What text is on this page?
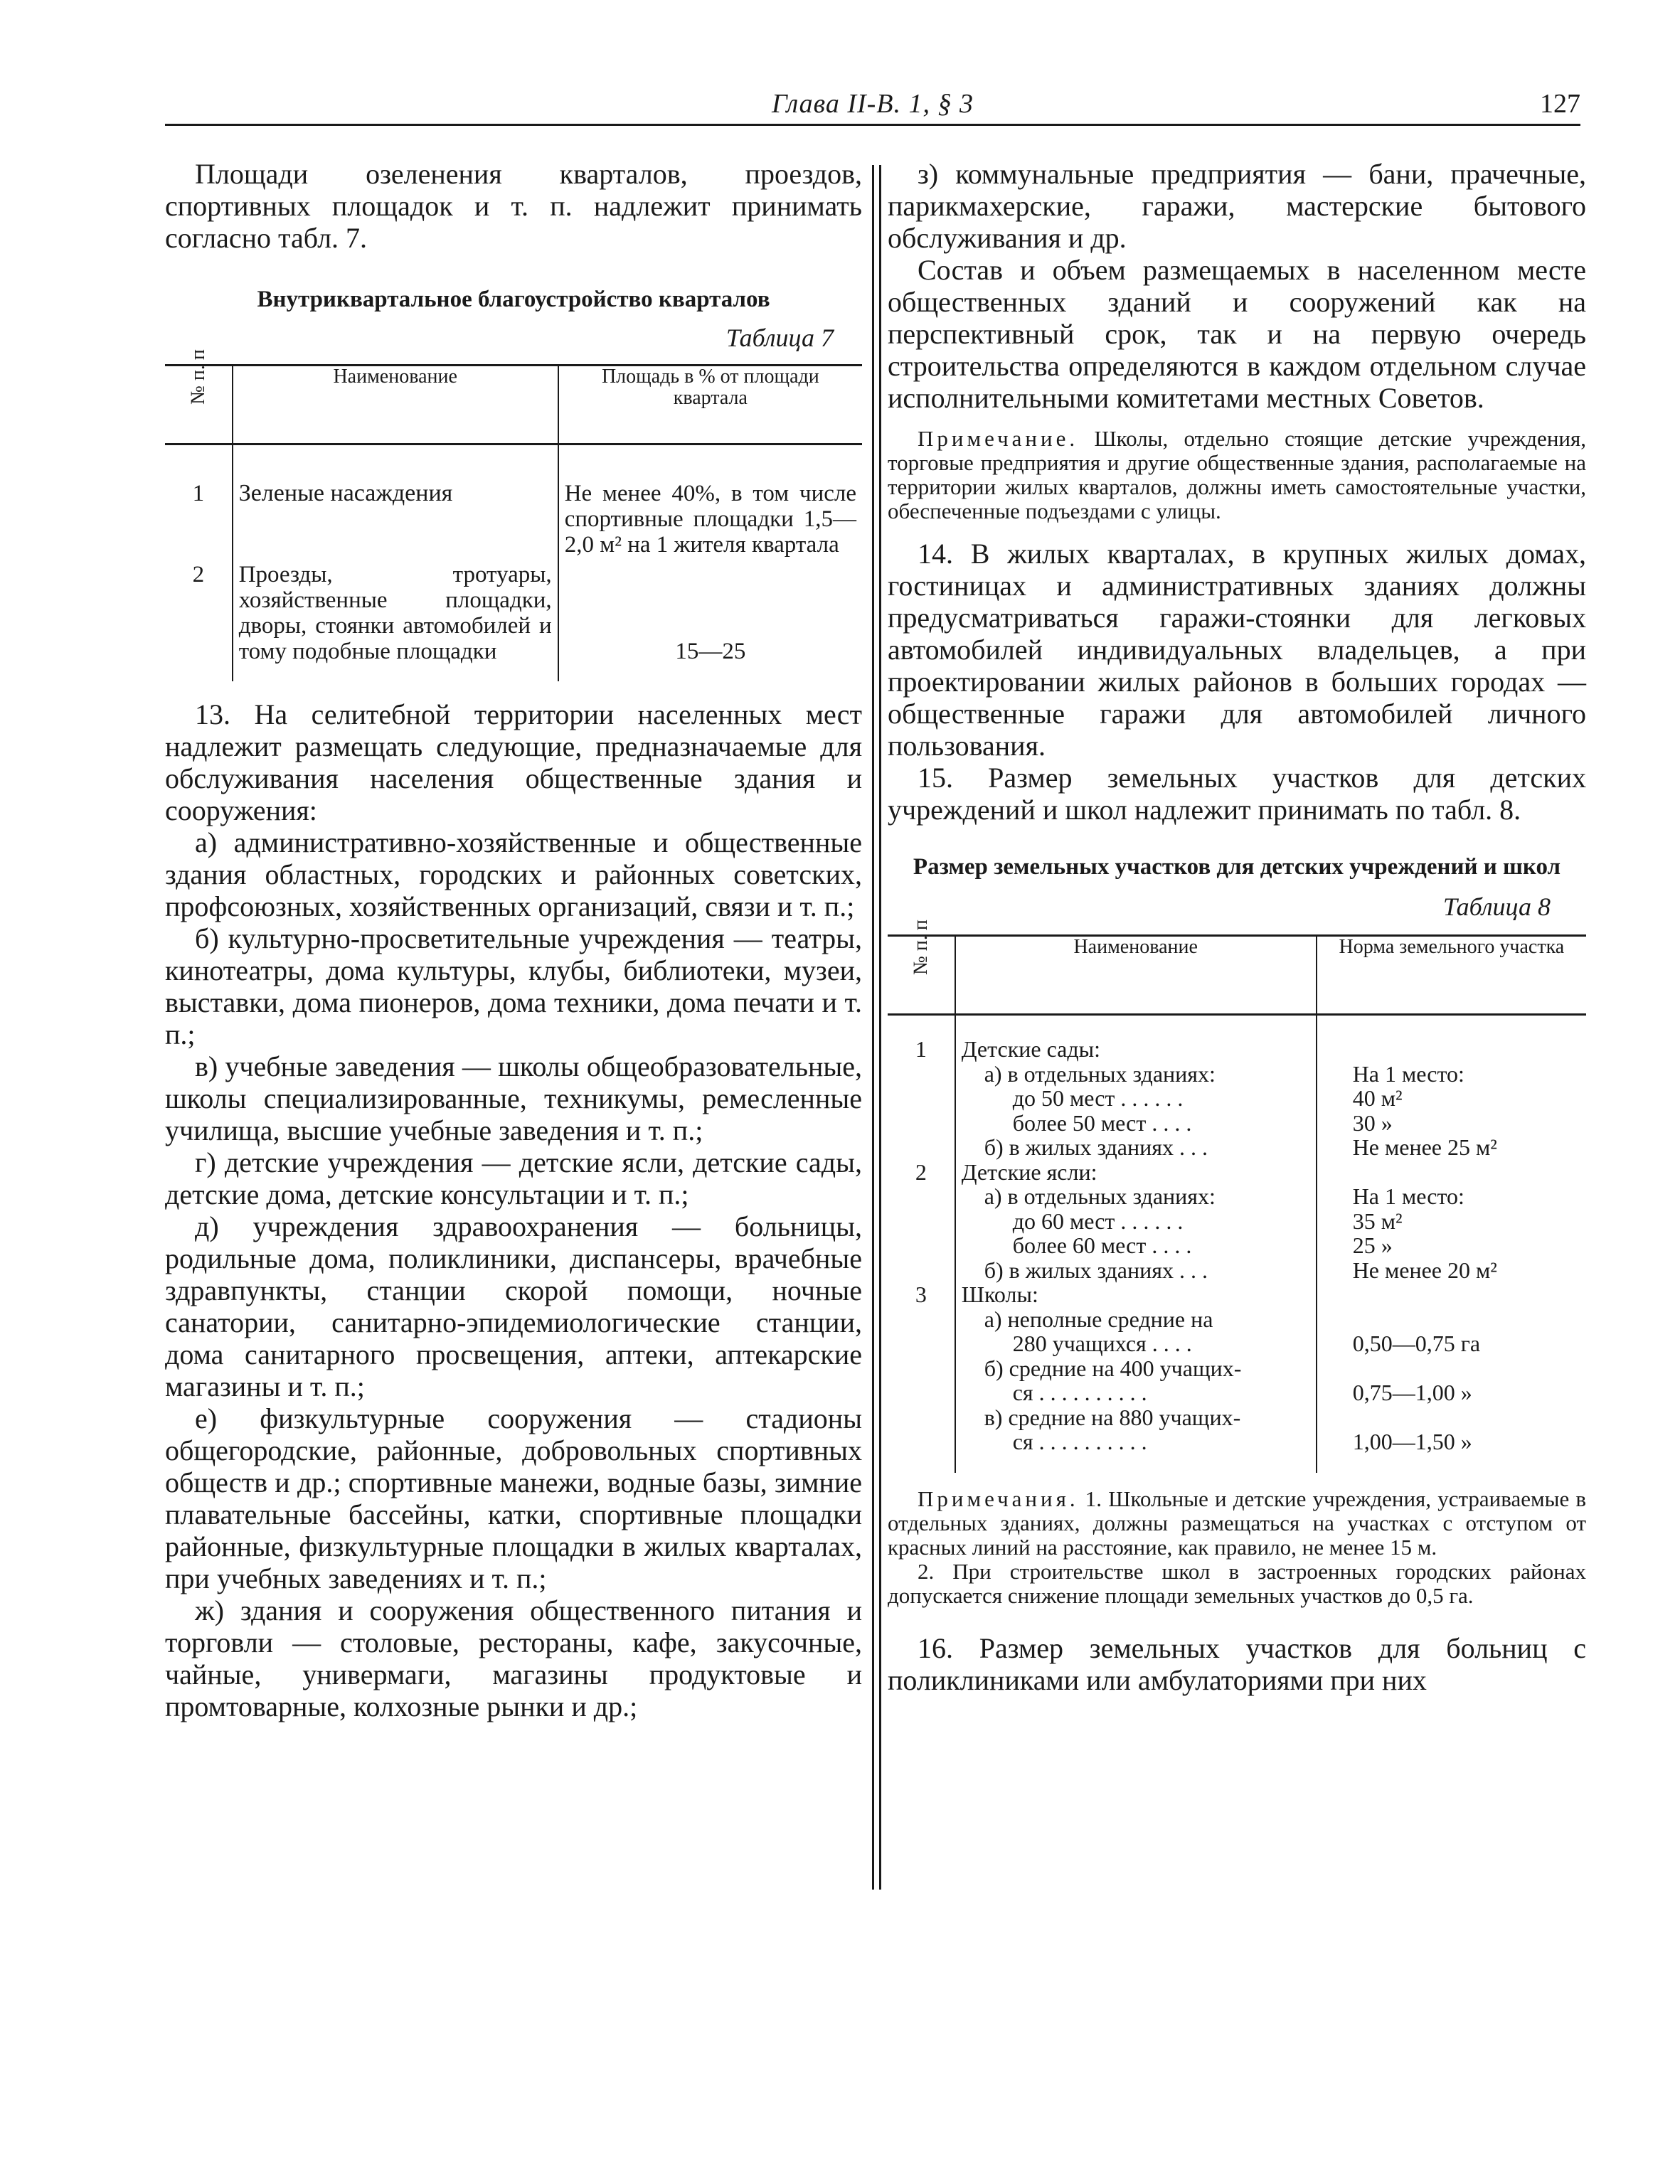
Глава II-В. 1, § 3	127

Площади озеленения кварталов, проездов, спортивных площадок и т. п. надлежит принимать согласно табл. 7.

Внутриквартальное благоустройство кварталов
Таблица 7
№ п. п	Наименование	Площадь в % от площади квартала
1	Зеленые насаждения	Не менее 40%, в том числе спортивные площадки 1,5—2,0 м² на 1 жителя квартала
2	Проезды, тротуары, хозяйственные площадки, дворы, стоянки автомобилей и тому подобные площадки	15—25

13. На селитебной территории населенных мест надлежит размещать следующие, предназначаемые для обслуживания населения общественные здания и сооружения:

а) административно-хозяйственные и общественные здания областных, городских и районных советских, профсоюзных, хозяйственных организаций, связи и т. п.;

б) культурно-просветительные учреждения — театры, кинотеатры, дома культуры, клубы, библиотеки, музеи, выставки, дома пионеров, дома техники, дома печати и т. п.;

в) учебные заведения — школы общеобразовательные, школы специализированные, техникумы, ремесленные училища, высшие учебные заведения и т. п.;

г) детские учреждения — детские ясли, детские сады, детские дома, детские консультации и т. п.;

д) учреждения здравоохранения — больницы, родильные дома, поликлиники, диспансеры, врачебные здравпункты, станции скорой помощи, ночные санатории, санитарно-эпидемиологические станции, дома санитарного просвещения, аптеки, аптекарские магазины и т. п.;

е) физкультурные сооружения — стадионы общегородские, районные, добровольных спортивных обществ и др.; спортивные манежи, водные базы, зимние плавательные бассейны, катки, спортивные площадки районные, физкультурные площадки в жилых кварталах, при учебных заведениях и т. п.;

ж) здания и сооружения общественного питания и торговли — столовые, рестораны, кафе, закусочные, чайные, универмаги, магазины продуктовые и промтоварные, колхозные рынки и др.;

з) коммунальные предприятия — бани, прачечные, парикмахерские, гаражи, мастерские бытового обслуживания и др.

Состав и объем размещаемых в населенном месте общественных зданий и сооружений как на перспективный срок, так и на первую очередь строительства определяются в каждом отдельном случае исполнительными комитетами местных Советов.

Примечание. Школы, отдельно стоящие детские учреждения, торговые предприятия и другие общественные здания, располагаемые на территории жилых кварталов, должны иметь самостоятельные участки, обеспеченные подъездами с улицы.

14. В жилых кварталах, в крупных жилых домах, гостиницах и административных зданиях должны предусматриваться гаражи-стоянки для легковых автомобилей индивидуальных владельцев, а при проектировании жилых районов в больших городах — общественные гаражи для автомобилей личного пользования.

15. Размер земельных участков для детских учреждений и школ надлежит принимать по табл. 8.

Размер земельных участков для детских учреждений и школ
Таблица 8
№ п. п	Наименование	Норма земельного участка

1	Детские сады:	
	а) в отдельных зданиях:	На 1 место:
	до 50 мест . . . . . .	40 м²
	более 50 мест . . . .	30 »
	б) в жилых зданиях . . .	Не менее 25 м²
2	Детские ясли:	
	а) в отдельных зданиях:	На 1 место:
	до 60 мест . . . . . .	35 м²
	более 60 мест . . . .	25 »
	б) в жилых зданиях . . .	Не менее 20 м²
3	Школы:	
	а) неполные средние на	
	280 учащихся . . . .	0,50—0,75 га
	б) средние на 400 учащих-	
	ся . . . . . . . . . .	0,75—1,00 »
	в) средние на 880 учащих-	
	ся . . . . . . . . . .	1,00—1,50 »

Примечания. 1. Школьные и детские учреждения, устраиваемые в отдельных зданиях, должны размещаться на участках с отступом от красных линий на расстояние, как правило, не менее 15 м.

2. При строительстве школ в застроенных городских районах допускается снижение площади земельных участков до 0,5 га.

16. Размер земельных участков для больниц с поликлиниками или амбулаториями при них
